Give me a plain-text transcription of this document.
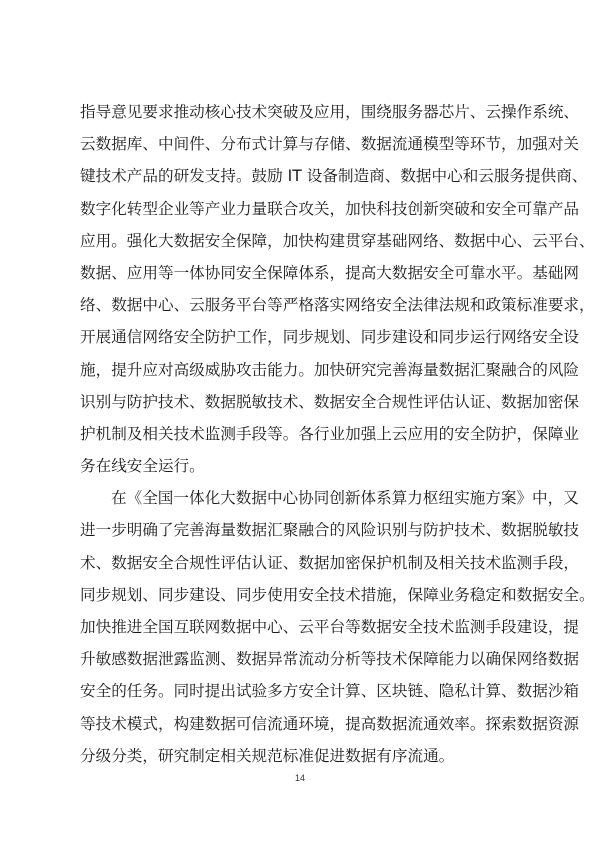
指导意见要求推动核心技术突破及应用，围绕服务器芯片、云操作系统、
云数据库、中间件、分布式计算与存储、数据流通模型等环节，加强对关
键技术产品的研发支持。鼓励 IT 设备制造商、数据中心和云服务提供商、
数字化转型企业等产业力量联合攻关，加快科技创新突破和安全可靠产品
应用。强化大数据安全保障，加快构建贯穿基础网络、数据中心、云平台、
数据、应用等一体协同安全保障体系，提高大数据安全可靠水平。基础网
络、数据中心、云服务平台等严格落实网络安全法律法规和政策标准要求，
开展通信网络安全防护工作，同步规划、同步建设和同步运行网络安全设
施，提升应对高级威胁攻击能力。加快研究完善海量数据汇聚融合的风险
识别与防护技术、数据脱敏技术、数据安全合规性评估认证、数据加密保
护机制及相关技术监测手段等。各行业加强上云应用的安全防护，保障业
务在线安全运行。
在《全国一体化大数据中心协同创新体系算力枢纽实施方案》中，又
进一步明确了完善海量数据汇聚融合的风险识别与防护技术、数据脱敏技
术、数据安全合规性评估认证、数据加密保护机制及相关技术监测手段，
同步规划、同步建设、同步使用安全技术措施，保障业务稳定和数据安全。
加快推进全国互联网数据中心、云平台等数据安全技术监测手段建设，提
升敏感数据泄露监测、数据异常流动分析等技术保障能力以确保网络数据
安全的任务。同时提出试验多方安全计算、区块链、隐私计算、数据沙箱
等技术模式，构建数据可信流通环境，提高数据流通效率。探索数据资源
分级分类，研究制定相关规范标准促进数据有序流通。
14
